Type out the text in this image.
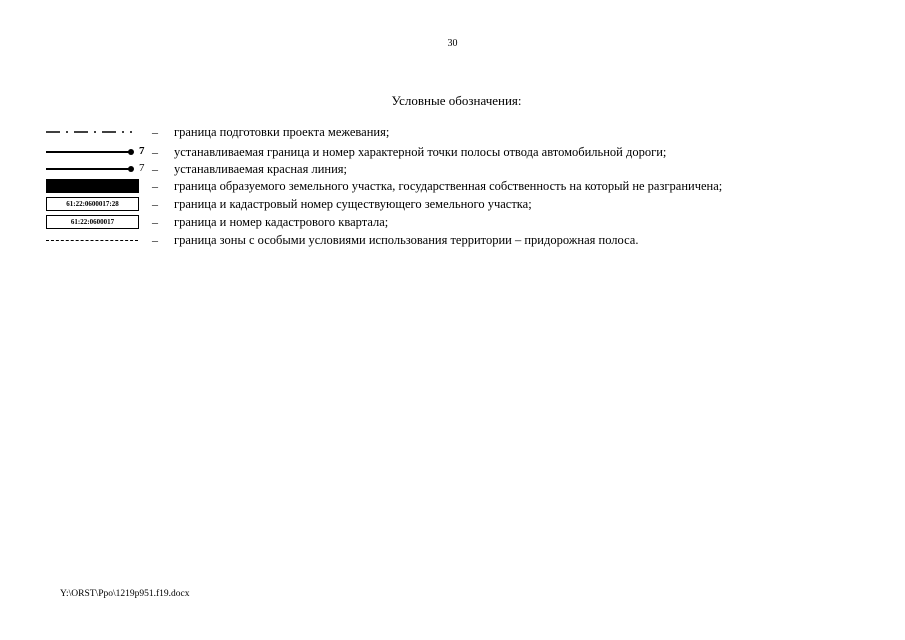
30
Условные обозначения:
– граница подготовки проекта межевания;
7 – устанавливаемая граница и номер характерной точки полосы отвода автомобильной дороги;
7 – устанавливаемая красная линия;
– граница образуемого земельного участка, государственная собственность на который не разграничена;
61:22:0600017:28	– граница и кадастровый номер существующего земельного участка;
61:22:0600017	– граница и номер кадастрового квартала;
– граница зоны с особыми условиями использования территории – придорожная полоса.
Y:\ORST\Ppo\1219p951.f19.docx
